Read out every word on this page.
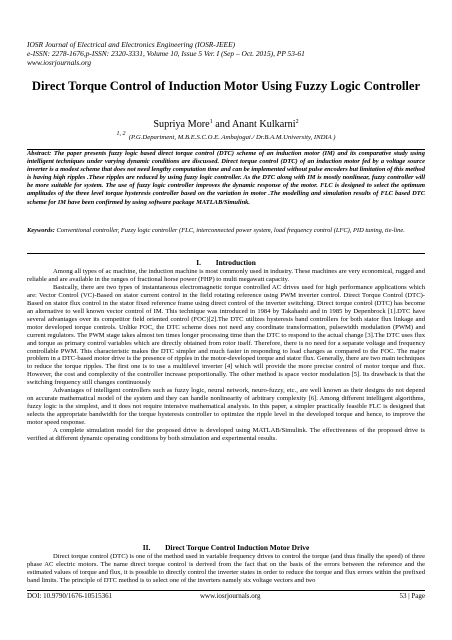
IOSR Journal of Electrical and Electronics Engineering (IOSR-JEEE)
e-ISSN: 2278-1676,p-ISSN: 2320-3331, Volume 10, Issue 5 Ver. I (Sep – Oct. 2015), PP 53-61
www.iosrjournals.org
Direct Torque Control of Induction Motor Using Fuzzy Logic Controller
Supriya More$^1$ and Anant Kulkarni$^2$
$^{1, 2}$ (P.G.Department, M.B.E.S.C.O.E. Ambajogai./ Dr.B.A.M.University, INDIA )
Abstract: The paper presents fuzzy logic based direct torque control (DTC) scheme of an induction motor (IM) and its comparative study using intelligent techniques under varying dynamic conditions are discussed. Direct torque control (DTC) of an induction motor fed by a voltage source inverter is a modest scheme that does not need lengthy computation time and can be implemented without pulse encoders but limitation of this method is having high ripples .These ripples are reduced by using fuzzy logic controller. As the DTC along with IM is mostly nonlinear, fuzzy controller will be more suitable for system. The use of fuzzy logic controller improves the dynamic response of the motor. FLC is designed to select the optimum amplitudes of the three level torque hysteresis controller based on the variation in motor .The modelling and simulation results of FLC based DTC scheme for IM have been confirmed by using software package MATLAB/Simulink.
Keywords: Conventional controller, Fuzzy logic controller (FLC, interconnected power system, load frequency control (LFC), PID tuning, tie-line.
I.        Introduction

Among all types of ac machine, the induction machine is most commonly used in industry. These machines are very economical, rugged and reliable and are available in the ranges of fractional horse power (FHP) to multi megawatt capacity.

Basically, there are two types of instantaneous electromagnetic torque controlled AC drives used for high performance applications which are: Vector Control (VC)-Based on stator current control in the field rotating reference using PWM inverter control. Direct Torque Control (DTC)-Based on stator flux control in the stator fixed reference frame using direct control of the inverter switching. Direct torque control (DTC) has become an alternative to well known vector control of IM. This technique was introduced in 1984 by Takahashi and in 1985 by Depenbrock [1].DTC have several advantages over its competitor field oriented control (FOC)[2].The DTC utilizes hysteresis band controllers for both stator flux linkage and motor developed torque controls. Unlike FOC, the DTC scheme does not need any coordinate transformation, pulsewidth modulation (PWM) and current regulators. The PWM stage takes almost ten times longer processing time than the DTC to respond to the actual change [3].The DTC uses flux and torque as primary control variables which are directly obtained from rotor itself. Therefore, there is no need for a separate voltage and frequency controllable PWM. This characteristic makes the DTC simpler and much faster in responding to load changes as compared to the FOC. The major problem in a DTC-based motor drive is the presence of ripples in the motor-developed torque and stator flux. Generally, there are two main techniques to reduce the torque ripples. The first one is to use a multilevel inverter [4] which will provide the more precise control of motor torque and flux. However, the cost and complexity of the controller increase proportionally. The other method is space vector modulation [5]. Its drawback is that the switching frequency still changes continuously

Advantages of intelligent controllers such as fuzzy logic, neural network, neuro-fuzzy, etc., are well known as their designs do not depend on accurate mathematical model of the system and they can handle nonlinearity of arbitrary complexity [6]. Among different intelligent algorithms, fuzzy logic is the simplest, and it does not require intensive mathematical analysis. In this paper, a simpler practically feasible FLC is designed that selects the appropriate bandwidth for the torque hysteresis controller to optimize the ripple level in the developed torque and hence, to improve the motor speed response.

A complete simulation model for the proposed drive is developed using MATLAB/Simulink. The effectiveness of the proposed drive is verified at different dynamic operating conditions by both simulation and experimental results.

II.        Direct Torque Control Induction Motor Drive

Direct torque control (DTC) is one of the method used in variable frequency drives to control the torque (and thus finally the speed) of three phase AC electric motors. The name direct torque control is derived from the fact that on the basis of the errors between the reference and the estimated values of torque and flux, it is possible to directly control the inverter states in order to reduce the torque and flux errors within the prefixed band limits. The principle of DTC method is to select one of the inverters namely six voltage vectors and two

DOI: 10.9790/1676-10515361	www.iosrjournals.org	53 | Page
